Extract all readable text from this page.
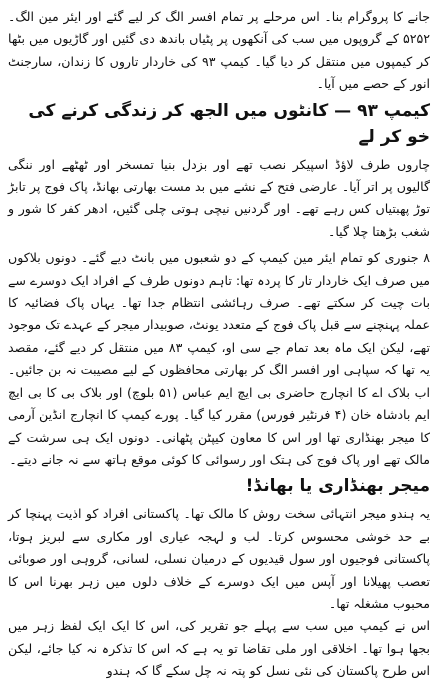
جانے کا پروگرام بنا۔ اس مرحلے پر تمام افسر الگ کر لیے گئے اور ایئر مین الگ۔ ۵۲۵۲ کے گروپوں میں سب کی آنکھوں پر پٹیاں باندھ دی گئیں اور گاڑیوں میں بٹھا کر کیمپوں میں منتقل کر دیا گیا۔ کیمپ ۹۳ کی خاردار تاروں کا زندان، سارجنٹ انور کے حصے میں آیا۔

کیمپ ۹۳ — کانٹوں میں الجھ کر زندگی کرنے کی خو کر لے

چاروں طرف لاؤڈ اسپیکر نصب تھے اور بزدل بنیا تمسخر اور ٹھٹھے اور ننگی گالیوں پر اتر آیا۔ عارضی فتح کے نشے میں بد مست بھارتی بھانڈ، پاک فوج پر تابڑ توڑ پھبتیاں کس رہے تھے۔ اور گردنیں نیچی ہوتی چلی گئیں، ادھر کفر کا شور و شغب بڑھتا چلا گیا۔

۸ جنوری کو تمام ایئر مین کیمپ کے دو شعبوں میں بانٹ دیے گئے۔ دونوں بلاکوں میں صرف ایک خاردار تار کا پردہ تھا: تاہم دونوں طرف کے افراد ایک دوسرے سے بات چیت کر سکتے تھے۔ صرف رہائشی انتظام جدا تھا۔ یہاں پاک فضائیہ کا عملہ پہنچنے سے قبل پاک فوج کے متعدد یونٹ، صوبیدار میجر کے عہدے تک موجود تھے، لیکن ایک ماہ بعد تمام جے سی او، کیمپ ۸۳ میں منتقل کر دیے گئے، مقصد یہ تھا کہ سپاہی اور افسر الگ کر بھارتی محافظوں کے لیے مصیبت نہ بن جائیں۔ اب بلاک اے کا انچارج حاضری بی ایچ ایم عباس (۵۱ بلوچ) اور بلاک بی کا بی ایچ ایم بادشاہ خان (۴ فرنٹیر فورس) مقرر کیا گیا۔ پورے کیمپ کا انچارج انڈین آرمی کا میجر بھنڈاری تھا اور اس کا معاون کیپٹن پٹھانی۔ دونوں ایک ہی سرشت کے مالک تھے اور پاک فوج کی ہتک اور رسوائی کا کوئی موقع ہاتھ سے نہ جانے دیتے۔

میجر بھنڈاری یا بھانڈ!

یہ ہندو میجر انتہائی سخت روش کا مالک تھا۔ پاکستانی افراد کو اذیت پہنچا کر بے حد خوشی محسوس کرتا۔ لب و لہجہ عیاری اور مکاری سے لبریز ہوتا، پاکستانی فوجیوں اور سول قیدیوں کے درمیان نسلی، لسانی، گروہی اور صوبائی تعصب پھیلانا اور آپس میں ایک دوسرے کے خلاف دلوں میں زہر بھرنا اس کا محبوب مشغلہ تھا۔

اس نے کیمپ میں سب سے پہلے جو تقریر کی، اس کا ایک ایک لفظ زہر میں بجھا ہوا تھا۔ اخلاقی اور ملی تقاضا تو یہ ہے کہ اس کا تذکرہ نہ کیا جائے، لیکن اس طرح پاکستان کی نئی نسل کو پتہ نہ چل سکے گا کہ ہندو
